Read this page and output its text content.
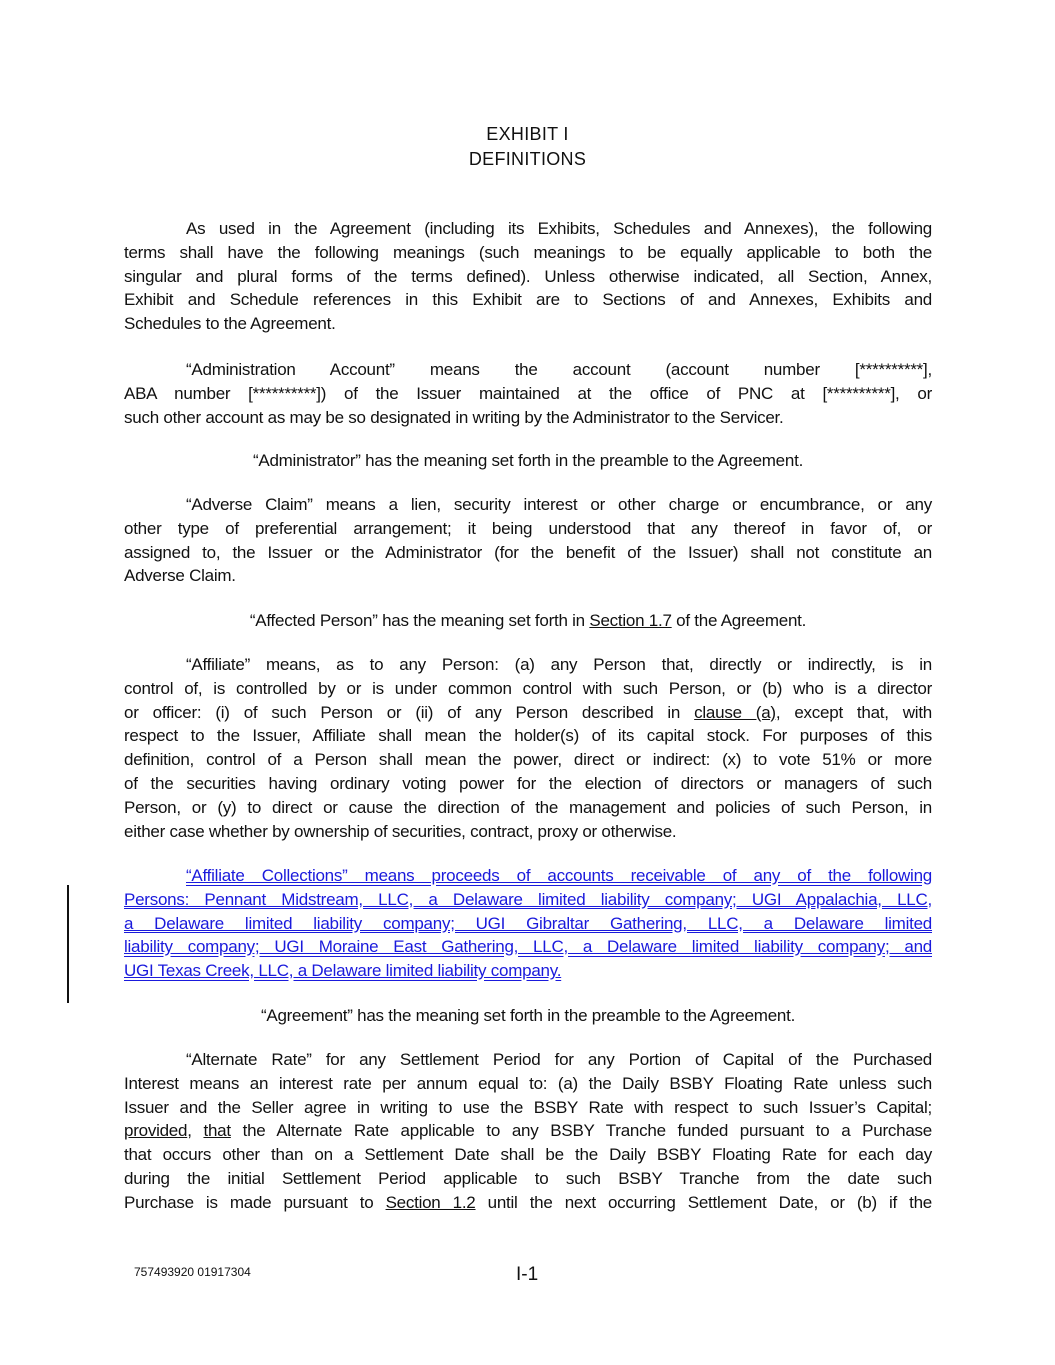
EXHIBIT I
DEFINITIONS
As used in the Agreement (including its Exhibits, Schedules and Annexes), the following
terms shall have the following meanings (such meanings to be equally applicable to both the
singular and plural forms of the terms defined). Unless otherwise indicated, all Section, Annex,
Exhibit and Schedule references in this Exhibit are to Sections of and Annexes, Exhibits and
Schedules to the Agreement.
“Administration Account” means the account (account number [**********],
ABA number [**********]) of the Issuer maintained at the office of PNC at [**********], or
such other account as may be so designated in writing by the Administrator to the Servicer.
“Administrator” has the meaning set forth in the preamble to the Agreement.
“Adverse Claim” means a lien, security interest or other charge or encumbrance, or any
other type of preferential arrangement; it being understood that any thereof in favor of, or
assigned to, the Issuer or the Administrator (for the benefit of the Issuer) shall not constitute an
Adverse Claim.
“Affected Person” has the meaning set forth in Section 1.7 of the Agreement.
“Affiliate” means, as to any Person: (a) any Person that, directly or indirectly, is in
control of, is controlled by or is under common control with such Person, or (b) who is a director
or officer: (i) of such Person or (ii) of any Person described in clause (a), except that, with
respect to the Issuer, Affiliate shall mean the holder(s) of its capital stock. For purposes of this
definition, control of a Person shall mean the power, direct or indirect: (x) to vote 51% or more
of the securities having ordinary voting power for the election of directors or managers of such
Person, or (y) to direct or cause the direction of the management and policies of such Person, in
either case whether by ownership of securities, contract, proxy or otherwise.
“Affiliate Collections” means proceeds of accounts receivable of any of the following
Persons: Pennant Midstream, LLC, a Delaware limited liability company; UGI Appalachia, LLC,
a Delaware limited liability company; UGI Gibraltar Gathering, LLC, a Delaware limited
liability company; UGI Moraine East Gathering, LLC, a Delaware limited liability company; and
UGI Texas Creek, LLC, a Delaware limited liability company.
“Agreement” has the meaning set forth in the preamble to the Agreement.
“Alternate Rate” for any Settlement Period for any Portion of Capital of the Purchased
Interest means an interest rate per annum equal to: (a) the Daily BSBY Floating Rate unless such
Issuer and the Seller agree in writing to use the BSBY Rate with respect to such Issuer’s Capital;
provided, that the Alternate Rate applicable to any BSBY Tranche funded pursuant to a Purchase
that occurs other than on a Settlement Date shall be the Daily BSBY Floating Rate for each day
during the initial Settlement Period applicable to such BSBY Tranche from the date such
Purchase is made pursuant to Section 1.2 until the next occurring Settlement Date, or (b) if the
757493920 01917304	I-1
